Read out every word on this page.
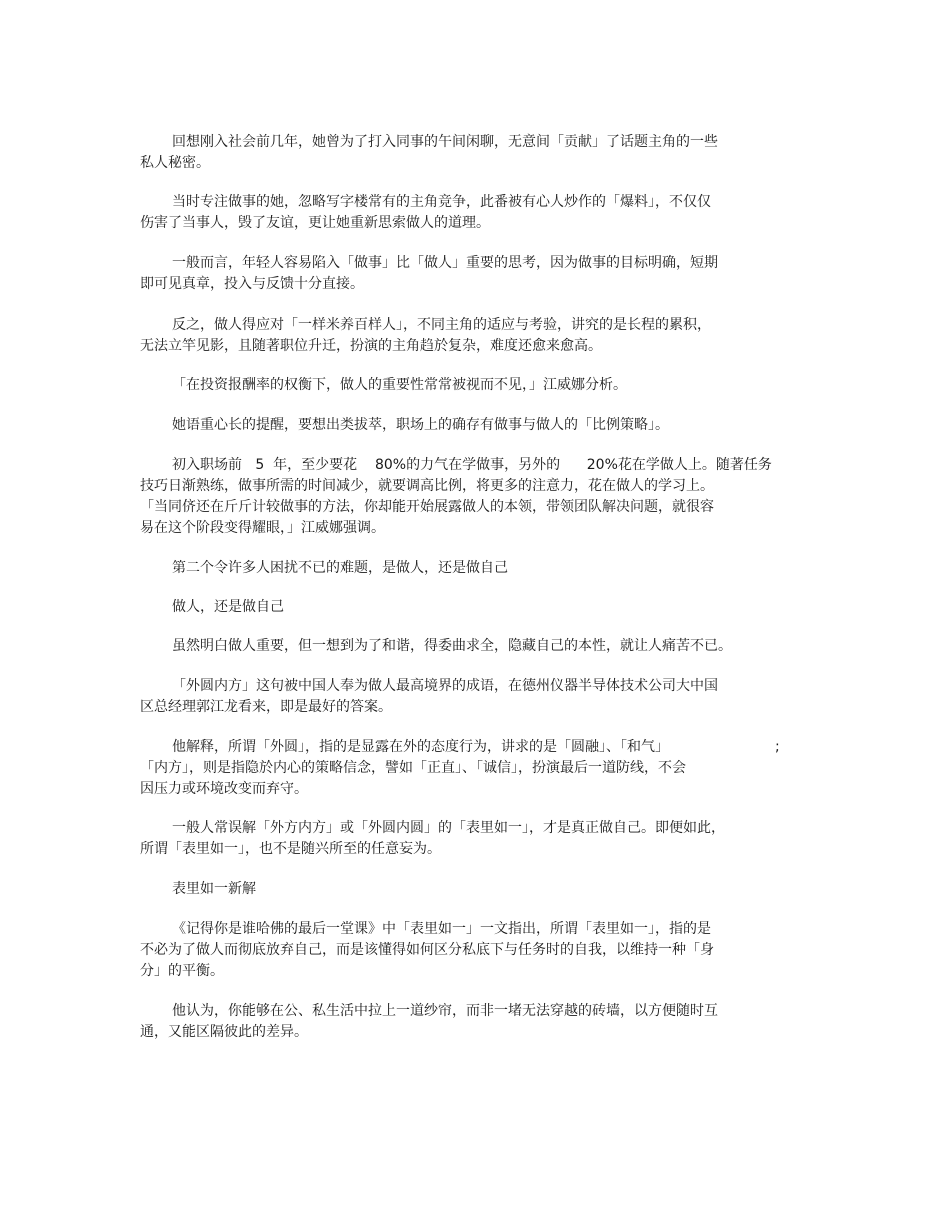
回想刚入社会前几年，她曾为了打入同事的午间闲聊，无意间「贡献」了话题主角的一些
私人秘密。

当时专注做事的她，忽略写字楼常有的主角竞争，此番被有心人炒作的「爆料」，不仅仅
伤害了当事人，毁了友谊，更让她重新思索做人的道理。

一般而言，年轻人容易陷入「做事」比「做人」重要的思考，因为做事的目标明确，短期
即可见真章，投入与反馈十分直接。

反之，做人得应对「一样米养百样人」，不同主角的适应与考验，讲究的是长程的累积，
无法立竿见影，且随著职位升迁，扮演的主角趋於复杂，难度还愈来愈高。

「在投资报酬率的权衡下，做人的重要性常常被视而不见，」江威娜分析。

她语重心长的提醒，要想出类拔萃，职场上的确存有做事与做人的「比例策略」。

初入职场前   5  年，至少要花    80%的力气在学做事，另外的      20%花在学做人上。随著任务
技巧日渐熟练，做事所需的时间减少，就要调高比例，将更多的注意力，花在做人的学习上。
「当同侪还在斤斤计较做事的方法，你却能开始展露做人的本领，带领团队解决问题，就很容
易在这个阶段变得耀眼，」江威娜强调。

第二个令许多人困扰不已的难题，是做人，还是做自己

做人，还是做自己

虽然明白做人重要，但一想到为了和谐，得委曲求全，隐藏自己的本性，就让人痛苦不已。

「外圆内方」这句被中国人奉为做人最高境界的成语，在德州仪器半导体技术公司大中国
区总经理郭江龙看来，即是最好的答案。

他解释，所谓「外圆」，指的是显露在外的态度行为，讲求的是「圆融」、「和气」
「内方」，则是指隐於内心的策略信念，譬如「正直」、「诚信」，扮演最后一道防线，不会
因压力或环境改变而弃守。

;

一般人常误解「外方内方」或「外圆内圆」的「表里如一」，才是真正做自己。即便如此，
所谓「表里如一」，也不是随兴所至的任意妄为。

表里如一新解

《记得你是谁哈佛的最后一堂课》中「表里如一」一文指出，所谓「表里如一」，指的是
不必为了做人而彻底放弃自己，而是该懂得如何区分私底下与任务时的自我，以维持一种「身
分」的平衡。

他认为，你能够在公、私生活中拉上一道纱帘，而非一堵无法穿越的砖墙，以方便随时互
通，又能区隔彼此的差异。
